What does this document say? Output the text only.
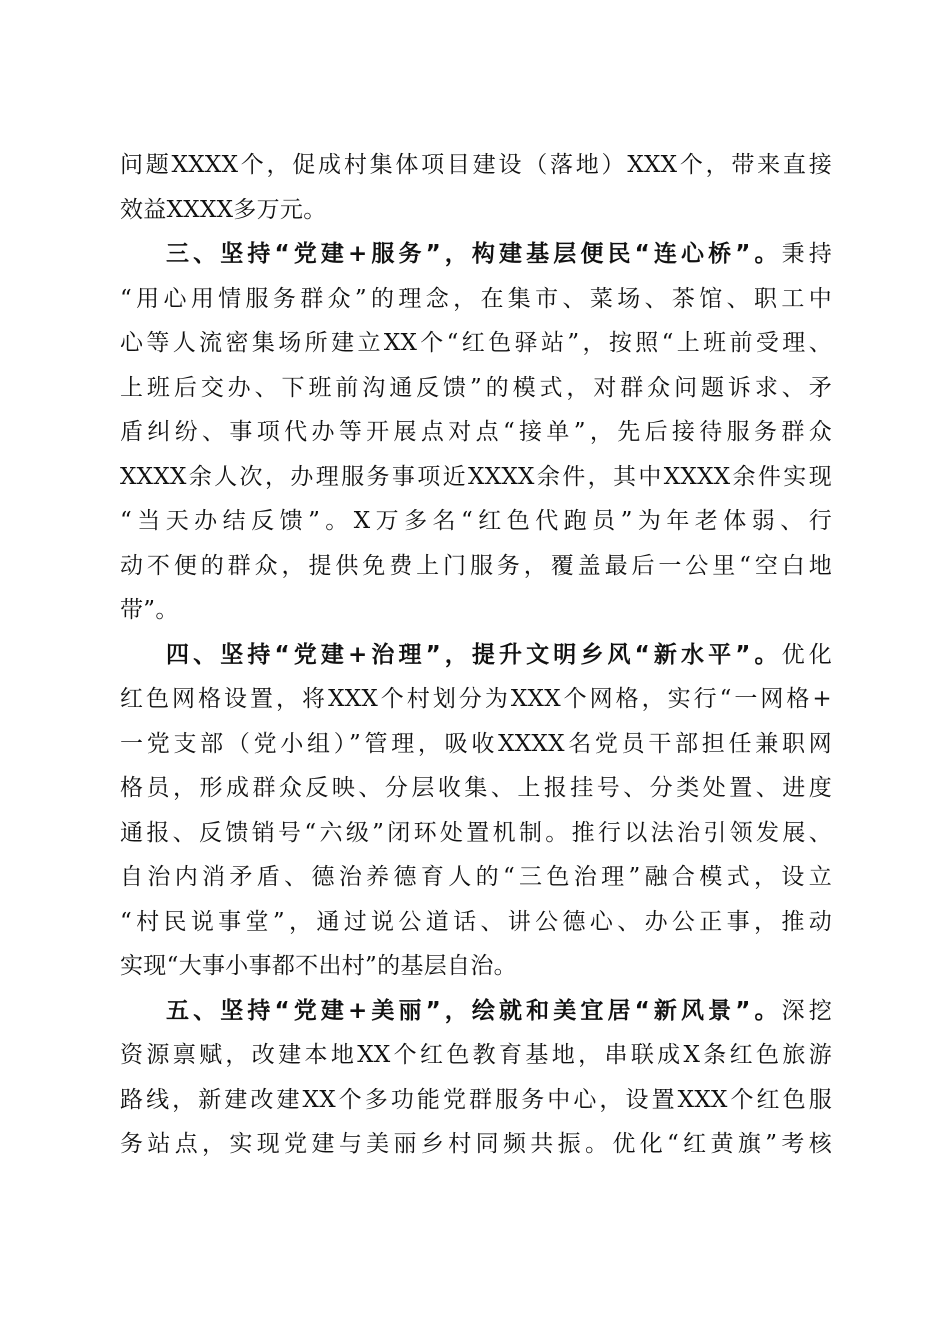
问题XXXX个，促成村集体项目建设（落地）XXX个，带来直接
效益XXXX多万元。
三、坚持“党建+服务”，构建基层便民“连心桥”。秉持
“用心用情服务群众”的理念，在集市、菜场、茶馆、职工中
心等人流密集场所建立XX个“红色驿站”，按照“上班前受理、
上班后交办、下班前沟通反馈”的模式，对群众问题诉求、矛
盾纠纷、事项代办等开展点对点“接单”，先后接待服务群众
XXXX余人次，办理服务事项近XXXX余件，其中XXXX余件实现
“当天办结反馈”。X万多名“红色代跑员”为年老体弱、行
动不便的群众，提供免费上门服务，覆盖最后一公里“空白地
带”。
四、坚持“党建+治理”，提升文明乡风“新水平”。优化
红色网格设置，将XXX个村划分为XXX个网格，实行“一网格+
一党支部（党小组）”管理，吸收XXXX名党员干部担任兼职网
格员，形成群众反映、分层收集、上报挂号、分类处置、进度
通报、反馈销号“六级”闭环处置机制。推行以法治引领发展、
自治内消矛盾、德治养德育人的“三色治理”融合模式，设立
“村民说事堂”，通过说公道话、讲公德心、办公正事，推动
实现“大事小事都不出村”的基层自治。
五、坚持“党建+美丽”，绘就和美宜居“新风景”。深挖
资源禀赋，改建本地XX个红色教育基地，串联成X条红色旅游
路线，新建改建XX个多功能党群服务中心，设置XXX个红色服
务站点，实现党建与美丽乡村同频共振。优化“红黄旗”考核
